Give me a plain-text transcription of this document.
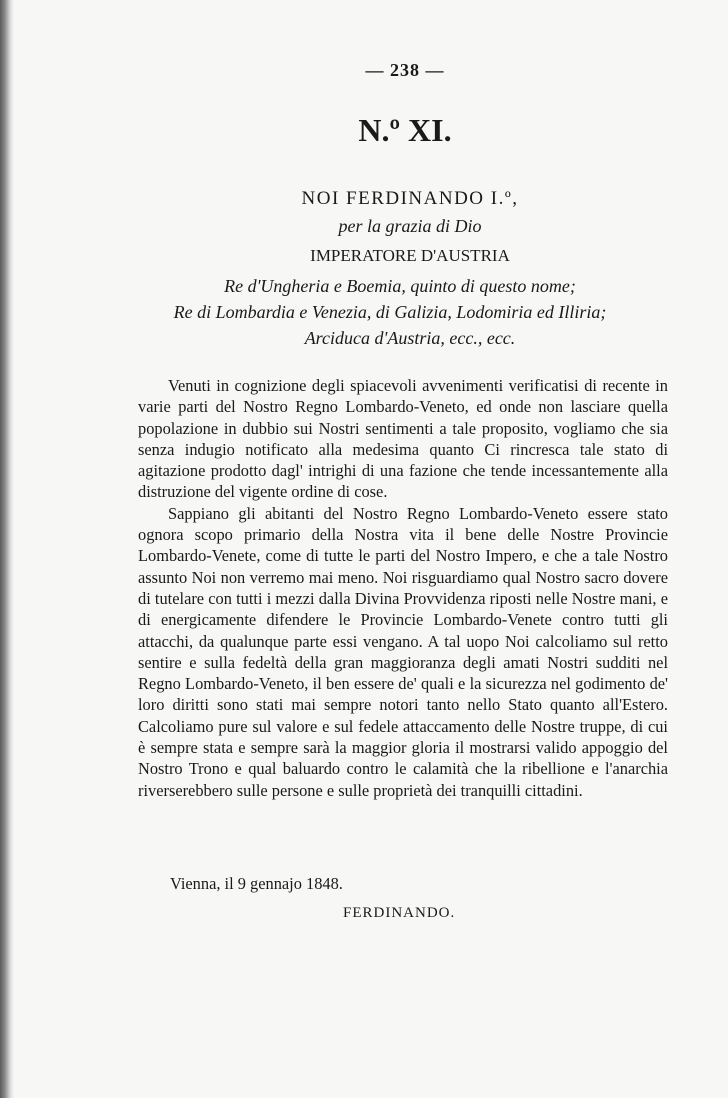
— 238 —
N.º XI.

NOI FERDINANDO I.º,

per la grazia di Dio

IMPERATORE D'AUSTRIA

Re d'Ungheria e Boemia, quinto di questo nome;

Re di Lombardia e Venezia, di Galizia, Lodomiria ed Illiria;

Arciduca d'Austria, ecc., ecc.

Venuti in cognizione degli spiacevoli avvenimenti verificatisi di recente in varie parti del Nostro Regno Lombardo-Veneto, ed onde non lasciare quella popolazione in dubbio sui Nostri sentimenti a tale proposito, vogliamo che sia senza indugio notificato alla medesima quanto Ci rincresca tale stato di agitazione prodotto dagl' intrighi di una fazione che tende incessantemente alla distruzione del vigente ordine di cose.

Sappiano gli abitanti del Nostro Regno Lombardo-Veneto essere stato ognora scopo primario della Nostra vita il bene delle Nostre Provincie Lombardo-Venete, come di tutte le parti del Nostro Impero, e che a tale Nostro assunto Noi non verremo mai meno. Noi risguardiamo qual Nostro sacro dovere di tutelare con tutti i mezzi dalla Divina Provvidenza riposti nelle Nostre mani, e di energicamente difendere le Provincie Lombardo-Venete contro tutti gli attacchi, da qualunque parte essi vengano. A tal uopo Noi calcoliamo sul retto sentire e sulla fedeltà della gran maggioranza degli amati Nostri sudditi nel Regno Lombardo-Veneto, il ben essere de' quali e la sicurezza nel godimento de' loro diritti sono stati mai sempre notori tanto nello Stato quanto all'Estero. Calcoliamo pure sul valore e sul fedele attaccamento delle Nostre truppe, di cui è sempre stata e sempre sarà la maggior gloria il mostrarsi valido appoggio del Nostro Trono e qual baluardo contro le calamità che la ribellione e l'anarchia riverserebbero sulle persone e sulle proprietà dei tranquilli cittadini.

Vienna, il 9 gennajo 1848.
FERDINANDO.
